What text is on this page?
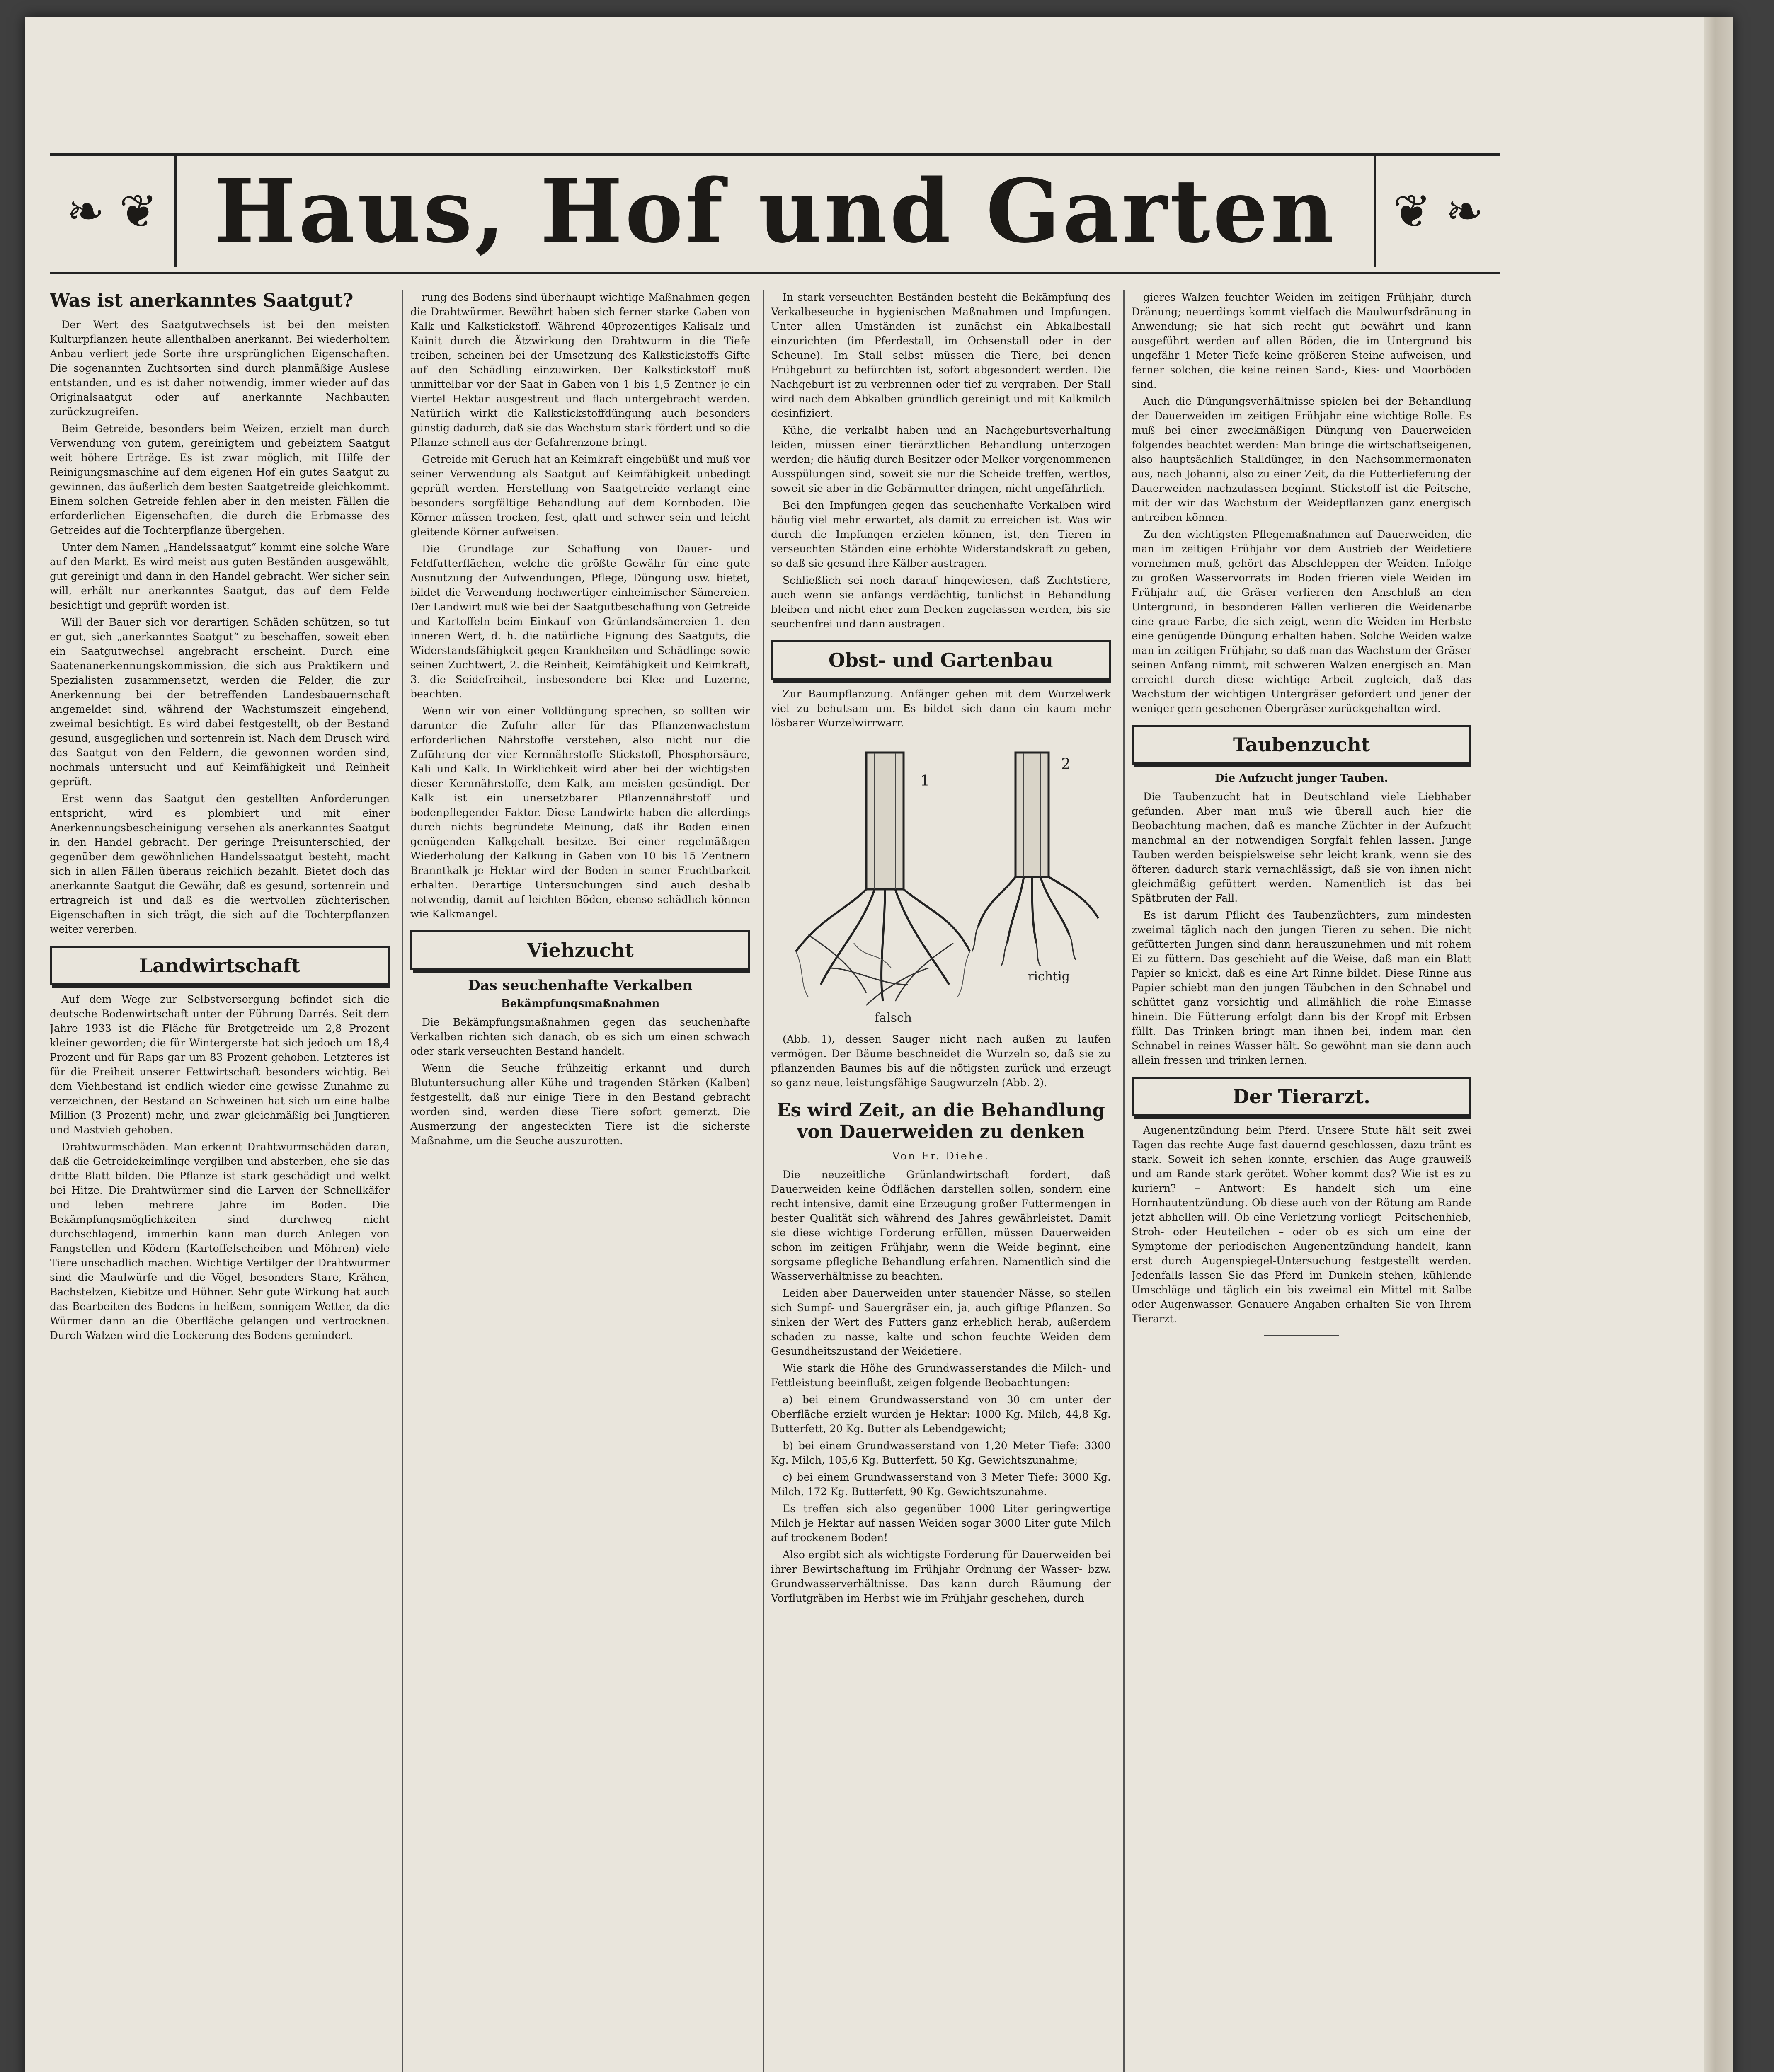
❧ ❦ Haus, Hof und Garten	❦ ❧
Was ist anerkanntes Saatgut?

Der Wert des Saatgutwechsels ist bei den meisten Kulturpflanzen heute allenthalben anerkannt. Bei wiederholtem Anbau verliert jede Sorte ihre ursprünglichen Eigenschaften. Die sogenannten Zuchtsorten sind durch planmäßige Auslese entstanden, und es ist daher notwendig, immer wieder auf das Originalsaatgut oder auf anerkannte Nachbauten zurückzugreifen.

Beim Getreide, besonders beim Weizen, erzielt man durch Verwendung von gutem, gereinigtem und gebeiztem Saatgut weit höhere Erträge. Es ist zwar möglich, mit Hilfe der Reinigungsmaschine auf dem eigenen Hof ein gutes Saatgut zu gewinnen, das äußerlich dem besten Saatgetreide gleichkommt. Einem solchen Getreide fehlen aber in den meisten Fällen die erforderlichen Eigenschaften, die durch die Erbmasse des Getreides auf die Tochterpflanze übergehen.

Unter dem Namen „Handelssaatgut“ kommt eine solche Ware auf den Markt. Es wird meist aus guten Beständen ausgewählt, gut gereinigt und dann in den Handel gebracht. Wer sicher sein will, erhält nur anerkanntes Saatgut, das auf dem Felde besichtigt und geprüft worden ist.

Will der Bauer sich vor derartigen Schäden schützen, so tut er gut, sich „anerkanntes Saatgut“ zu beschaffen, soweit eben ein Saatgutwechsel angebracht erscheint. Durch eine Saatenanerkennungskommission, die sich aus Praktikern und Spezialisten zusammensetzt, werden die Felder, die zur Anerkennung bei der betreffenden Landesbauernschaft angemeldet sind, während der Wachstumszeit eingehend, zweimal besichtigt. Es wird dabei festgestellt, ob der Bestand gesund, ausgeglichen und sortenrein ist. Nach dem Drusch wird das Saatgut von den Feldern, die gewonnen worden sind, nochmals untersucht und auf Keimfähigkeit und Reinheit geprüft.

Erst wenn das Saatgut den gestellten Anforderungen entspricht, wird es plombiert und mit einer Anerkennungsbescheinigung versehen als anerkanntes Saatgut in den Handel gebracht. Der geringe Preisunterschied, der gegenüber dem gewöhnlichen Handelssaatgut besteht, macht sich in allen Fällen überaus reichlich bezahlt. Bietet doch das anerkannte Saatgut die Gewähr, daß es gesund, sortenrein und ertragreich ist und daß es die wertvollen züchterischen Eigenschaften in sich trägt, die sich auf die Tochterpflanzen weiter vererben.

Landwirtschaft

Auf dem Wege zur Selbstversorgung befindet sich die deutsche Bodenwirtschaft unter der Führung Darrés. Seit dem Jahre 1933 ist die Fläche für Brotgetreide um 2,8 Prozent kleiner geworden; die für Wintergerste hat sich jedoch um 18,4 Prozent und für Raps gar um 83 Prozent gehoben. Letzteres ist für die Freiheit unserer Fettwirtschaft besonders wichtig. Bei dem Viehbestand ist endlich wieder eine gewisse Zunahme zu verzeichnen, der Bestand an Schweinen hat sich um eine halbe Million (3 Prozent) mehr, und zwar gleichmäßig bei Jungtieren und Mastvieh gehoben.

Drahtwurmschäden. Man erkennt Drahtwurmschäden daran, daß die Getreidekeimlinge vergilben und absterben, ehe sie das dritte Blatt bilden. Die Pflanze ist stark geschädigt und welkt bei Hitze. Die Drahtwürmer sind die Larven der Schnellkäfer und leben mehrere Jahre im Boden. Die Bekämpfungsmöglichkeiten sind durchweg nicht durchschlagend, immerhin kann man durch Anlegen von Fangstellen und Ködern (Kartoffelscheiben und Möhren) viele Tiere unschädlich machen. Wichtige Vertilger der Drahtwürmer sind die Maulwürfe und die Vögel, besonders Stare, Krähen, Bachstelzen, Kiebitze und Hühner. Sehr gute Wirkung hat auch das Bearbeiten des Bodens in heißem, sonnigem Wetter, da die Würmer dann an die Oberfläche gelangen und vertrocknen. Durch Walzen wird die Lockerung des Bodens gemindert.

rung des Bodens sind überhaupt wichtige Maßnahmen gegen die Drahtwürmer. Bewährt haben sich ferner starke Gaben von Kalk und Kalkstickstoff. Während 40prozentiges Kalisalz und Kainit durch die Ätzwirkung den Drahtwurm in die Tiefe treiben, scheinen bei der Umsetzung des Kalkstickstoffs Gifte auf den Schädling einzuwirken. Der Kalkstickstoff muß unmittelbar vor der Saat in Gaben von 1 bis 1,5 Zentner je ein Viertel Hektar ausgestreut und flach untergebracht werden. Natürlich wirkt die Kalkstickstoffdüngung auch besonders günstig dadurch, daß sie das Wachstum stark fördert und so die Pflanze schnell aus der Gefahrenzone bringt.

Getreide mit Geruch hat an Keimkraft eingebüßt und muß vor seiner Verwendung als Saatgut auf Keimfähigkeit unbedingt geprüft werden. Herstellung von Saatgetreide verlangt eine besonders sorgfältige Behandlung auf dem Kornboden. Die Körner müssen trocken, fest, glatt und schwer sein und leicht gleitende Körner aufweisen.

Die Grundlage zur Schaffung von Dauer- und Feldfutterflächen, welche die größte Gewähr für eine gute Ausnutzung der Aufwendungen, Pflege, Düngung usw. bietet, bildet die Verwendung hochwertiger einheimischer Sämereien. Der Landwirt muß wie bei der Saatgutbeschaffung von Getreide und Kartoffeln beim Einkauf von Grünlandsämereien 1. den inneren Wert, d. h. die natürliche Eignung des Saatguts, die Widerstandsfähigkeit gegen Krankheiten und Schädlinge sowie seinen Zuchtwert, 2. die Reinheit, Keimfähigkeit und Keimkraft, 3. die Seidefreiheit, insbesondere bei Klee und Luzerne, beachten.

Wenn wir von einer Volldüngung sprechen, so sollten wir darunter die Zufuhr aller für das Pflanzenwachstum erforderlichen Nährstoffe verstehen, also nicht nur die Zuführung der vier Kernnährstoffe Stickstoff, Phosphorsäure, Kali und Kalk. In Wirklichkeit wird aber bei der wichtigsten dieser Kernnährstoffe, dem Kalk, am meisten gesündigt. Der Kalk ist ein unersetzbarer Pflanzennährstoff und bodenpflegender Faktor. Diese Landwirte haben die allerdings durch nichts begründete Meinung, daß ihr Boden einen genügenden Kalkgehalt besitze. Bei einer regelmäßigen Wiederholung der Kalkung in Gaben von 10 bis 15 Zentnern Branntkalk je Hektar wird der Boden in seiner Fruchtbarkeit erhalten. Derartige Untersuchungen sind auch deshalb notwendig, damit auf leichten Böden, ebenso schädlich können wie Kalkmangel.

Viehzucht
Das seuchenhafte Verkalben
Bekämpfungsmaßnahmen

Die Bekämpfungsmaßnahmen gegen das seuchenhafte Verkalben richten sich danach, ob es sich um einen schwach oder stark verseuchten Bestand handelt.

Wenn die Seuche frühzeitig erkannt und durch Blutuntersuchung aller Kühe und tragenden Stärken (Kalben) festgestellt, daß nur einige Tiere in den Bestand gebracht worden sind, werden diese Tiere sofort gemerzt. Die Ausmerzung der angesteckten Tiere ist die sicherste Maßnahme, um die Seuche auszurotten.

In stark verseuchten Beständen besteht die Bekämpfung des Verkalbeseuche in hygienischen Maßnahmen und Impfungen. Unter allen Umständen ist zunächst ein Abkalbestall einzurichten (im Pferdestall, im Ochsenstall oder in der Scheune). Im Stall selbst müssen die Tiere, bei denen Frühgeburt zu befürchten ist, sofort abgesondert werden. Die Nachgeburt ist zu verbrennen oder tief zu vergraben. Der Stall wird nach dem Abkalben gründlich gereinigt und mit Kalkmilch desinfiziert.

Kühe, die verkalbt haben und an Nachgeburtsverhaltung leiden, müssen einer tierärztlichen Behandlung unterzogen werden; die häufig durch Besitzer oder Melker vorgenommenen Ausspülungen sind, soweit sie nur die Scheide treffen, wertlos, soweit sie aber in die Gebärmutter dringen, nicht ungefährlich.

Bei den Impfungen gegen das seuchenhafte Verkalben wird häufig viel mehr erwartet, als damit zu erreichen ist. Was wir durch die Impfungen erzielen können, ist, den Tieren in verseuchten Ständen eine erhöhte Widerstandskraft zu geben, so daß sie gesund ihre Kälber austragen.

Schließlich sei noch darauf hingewiesen, daß Zuchtstiere, auch wenn sie anfangs verdächtig, tunlichst in Behandlung bleiben und nicht eher zum Decken zugelassen werden, bis sie seuchenfrei und dann austragen.

Obst- und Gartenbau

Zur Baumpflanzung. Anfänger gehen mit dem Wurzelwerk viel zu behutsam um. Es bildet sich dann ein kaum mehr lösbarer Wurzelwirrwarr.

1
falsch
2
richtig

(Abb. 1), dessen Sauger nicht nach außen zu laufen vermögen. Der Bäume beschneidet die Wurzeln so, daß sie zu pflanzenden Baumes bis auf die nötigsten zurück und erzeugt so ganz neue, leistungsfähige Saugwurzeln (Abb. 2).

Es wird Zeit, an die Behandlung von Dauerweiden zu denken
Von Fr. Diehe.

Die neuzeitliche Grünlandwirtschaft fordert, daß Dauerweiden keine Ödflächen darstellen sollen, sondern eine recht intensive, damit eine Erzeugung großer Futtermengen in bester Qualität sich während des Jahres gewährleistet. Damit sie diese wichtige Forderung erfüllen, müssen Dauerweiden schon im zeitigen Frühjahr, wenn die Weide beginnt, eine sorgsame pflegliche Behandlung erfahren. Namentlich sind die Wasserverhältnisse zu beachten.

Leiden aber Dauerweiden unter stauender Nässe, so stellen sich Sumpf- und Sauergräser ein, ja, auch giftige Pflanzen. So sinken der Wert des Futters ganz erheblich herab, außerdem schaden zu nasse, kalte und schon feuchte Weiden dem Gesundheitszustand der Weidetiere.

Wie stark die Höhe des Grundwasserstandes die Milch- und Fettleistung beeinflußt, zeigen folgende Beobachtungen:

a) bei einem Grundwasserstand von 30 cm unter der Oberfläche erzielt wurden je Hektar: 1000 Kg. Milch, 44,8 Kg. Butterfett, 20 Kg. Butter als Lebendgewicht;

b) bei einem Grundwasserstand von 1,20 Meter Tiefe: 3300 Kg. Milch, 105,6 Kg. Butterfett, 50 Kg. Gewichtszunahme;

c) bei einem Grundwasserstand von 3 Meter Tiefe: 3000 Kg. Milch, 172 Kg. Butterfett, 90 Kg. Gewichtszunahme.

Es treffen sich also gegenüber 1000 Liter geringwertige Milch je Hektar auf nassen Weiden sogar 3000 Liter gute Milch auf trockenem Boden!

Also ergibt sich als wichtigste Forderung für Dauerweiden bei ihrer Bewirtschaftung im Frühjahr Ordnung der Wasser- bzw. Grundwasserverhältnisse. Das kann durch Räumung der Vorflutgräben im Herbst wie im Frühjahr geschehen, durch

gieres Walzen feuchter Weiden im zeitigen Frühjahr, durch Dränung; neuerdings kommt vielfach die Maulwurfsdränung in Anwendung; sie hat sich recht gut bewährt und kann ausgeführt werden auf allen Böden, die im Untergrund bis ungefähr 1 Meter Tiefe keine größeren Steine aufweisen, und ferner solchen, die keine reinen Sand-, Kies- und Moorböden sind.

Auch die Düngungsverhältnisse spielen bei der Behandlung der Dauerweiden im zeitigen Frühjahr eine wichtige Rolle. Es muß bei einer zweckmäßigen Düngung von Dauerweiden folgendes beachtet werden: Man bringe die wirtschaftseigenen, also hauptsächlich Stalldünger, in den Nachsommermonaten aus, nach Johanni, also zu einer Zeit, da die Futterlieferung der Dauerweiden nachzulassen beginnt. Stickstoff ist die Peitsche, mit der wir das Wachstum der Weidepflanzen ganz energisch antreiben können.

Zu den wichtigsten Pflegemaßnahmen auf Dauerweiden, die man im zeitigen Frühjahr vor dem Austrieb der Weidetiere vornehmen muß, gehört das Abschleppen der Weiden. Infolge zu großen Wasservorrats im Boden frieren viele Weiden im Frühjahr auf, die Gräser verlieren den Anschluß an den Untergrund, in besonderen Fällen verlieren die Weidenarbe eine graue Farbe, die sich zeigt, wenn die Weiden im Herbste eine genügende Düngung erhalten haben. Solche Weiden walze man im zeitigen Frühjahr, so daß man das Wachstum der Gräser seinen Anfang nimmt, mit schweren Walzen energisch an. Man erreicht durch diese wichtige Arbeit zugleich, daß das Wachstum der wichtigen Untergräser gefördert und jener der weniger gern gesehenen Obergräser zurückgehalten wird.

Taubenzucht
Die Aufzucht junger Tauben.

Die Taubenzucht hat in Deutschland viele Liebhaber gefunden. Aber man muß wie überall auch hier die Beobachtung machen, daß es manche Züchter in der Aufzucht manchmal an der notwendigen Sorgfalt fehlen lassen. Junge Tauben werden beispielsweise sehr leicht krank, wenn sie des öfteren dadurch stark vernachlässigt, daß sie von ihnen nicht gleichmäßig gefüttert werden. Namentlich ist das bei Spätbruten der Fall.

Es ist darum Pflicht des Taubenzüchters, zum mindesten zweimal täglich nach den jungen Tieren zu sehen. Die nicht gefütterten Jungen sind dann herauszunehmen und mit rohem Ei zu füttern. Das geschieht auf die Weise, daß man ein Blatt Papier so knickt, daß es eine Art Rinne bildet. Diese Rinne aus Papier schiebt man den jungen Täubchen in den Schnabel und schüttet ganz vorsichtig und allmählich die rohe Eimasse hinein. Die Fütterung erfolgt dann bis der Kropf mit Erbsen füllt. Das Trinken bringt man ihnen bei, indem man den Schnabel in reines Wasser hält. So gewöhnt man sie dann auch allein fressen und trinken lernen.

Der Tierarzt.

Augenentzündung beim Pferd. Unsere Stute hält seit zwei Tagen das rechte Auge fast dauernd geschlossen, dazu tränt es stark. Soweit ich sehen konnte, erschien das Auge grauweiß und am Rande stark gerötet. Woher kommt das? Wie ist es zu kuriern? – Antwort: Es handelt sich um eine Hornhautentzündung. Ob diese auch von der Rötung am Rande jetzt abhellen will. Ob eine Verletzung vorliegt – Peitschenhieb, Stroh- oder Heuteilchen – oder ob es sich um eine der Symptome der periodischen Augenentzündung handelt, kann erst durch Augenspiegel-Untersuchung festgestellt werden. Jedenfalls lassen Sie das Pferd im Dunkeln stehen, kühlende Umschläge und täglich ein bis zweimal ein Mittel mit Salbe oder Augenwasser. Genauere Angaben erhalten Sie von Ihrem Tierarzt.
